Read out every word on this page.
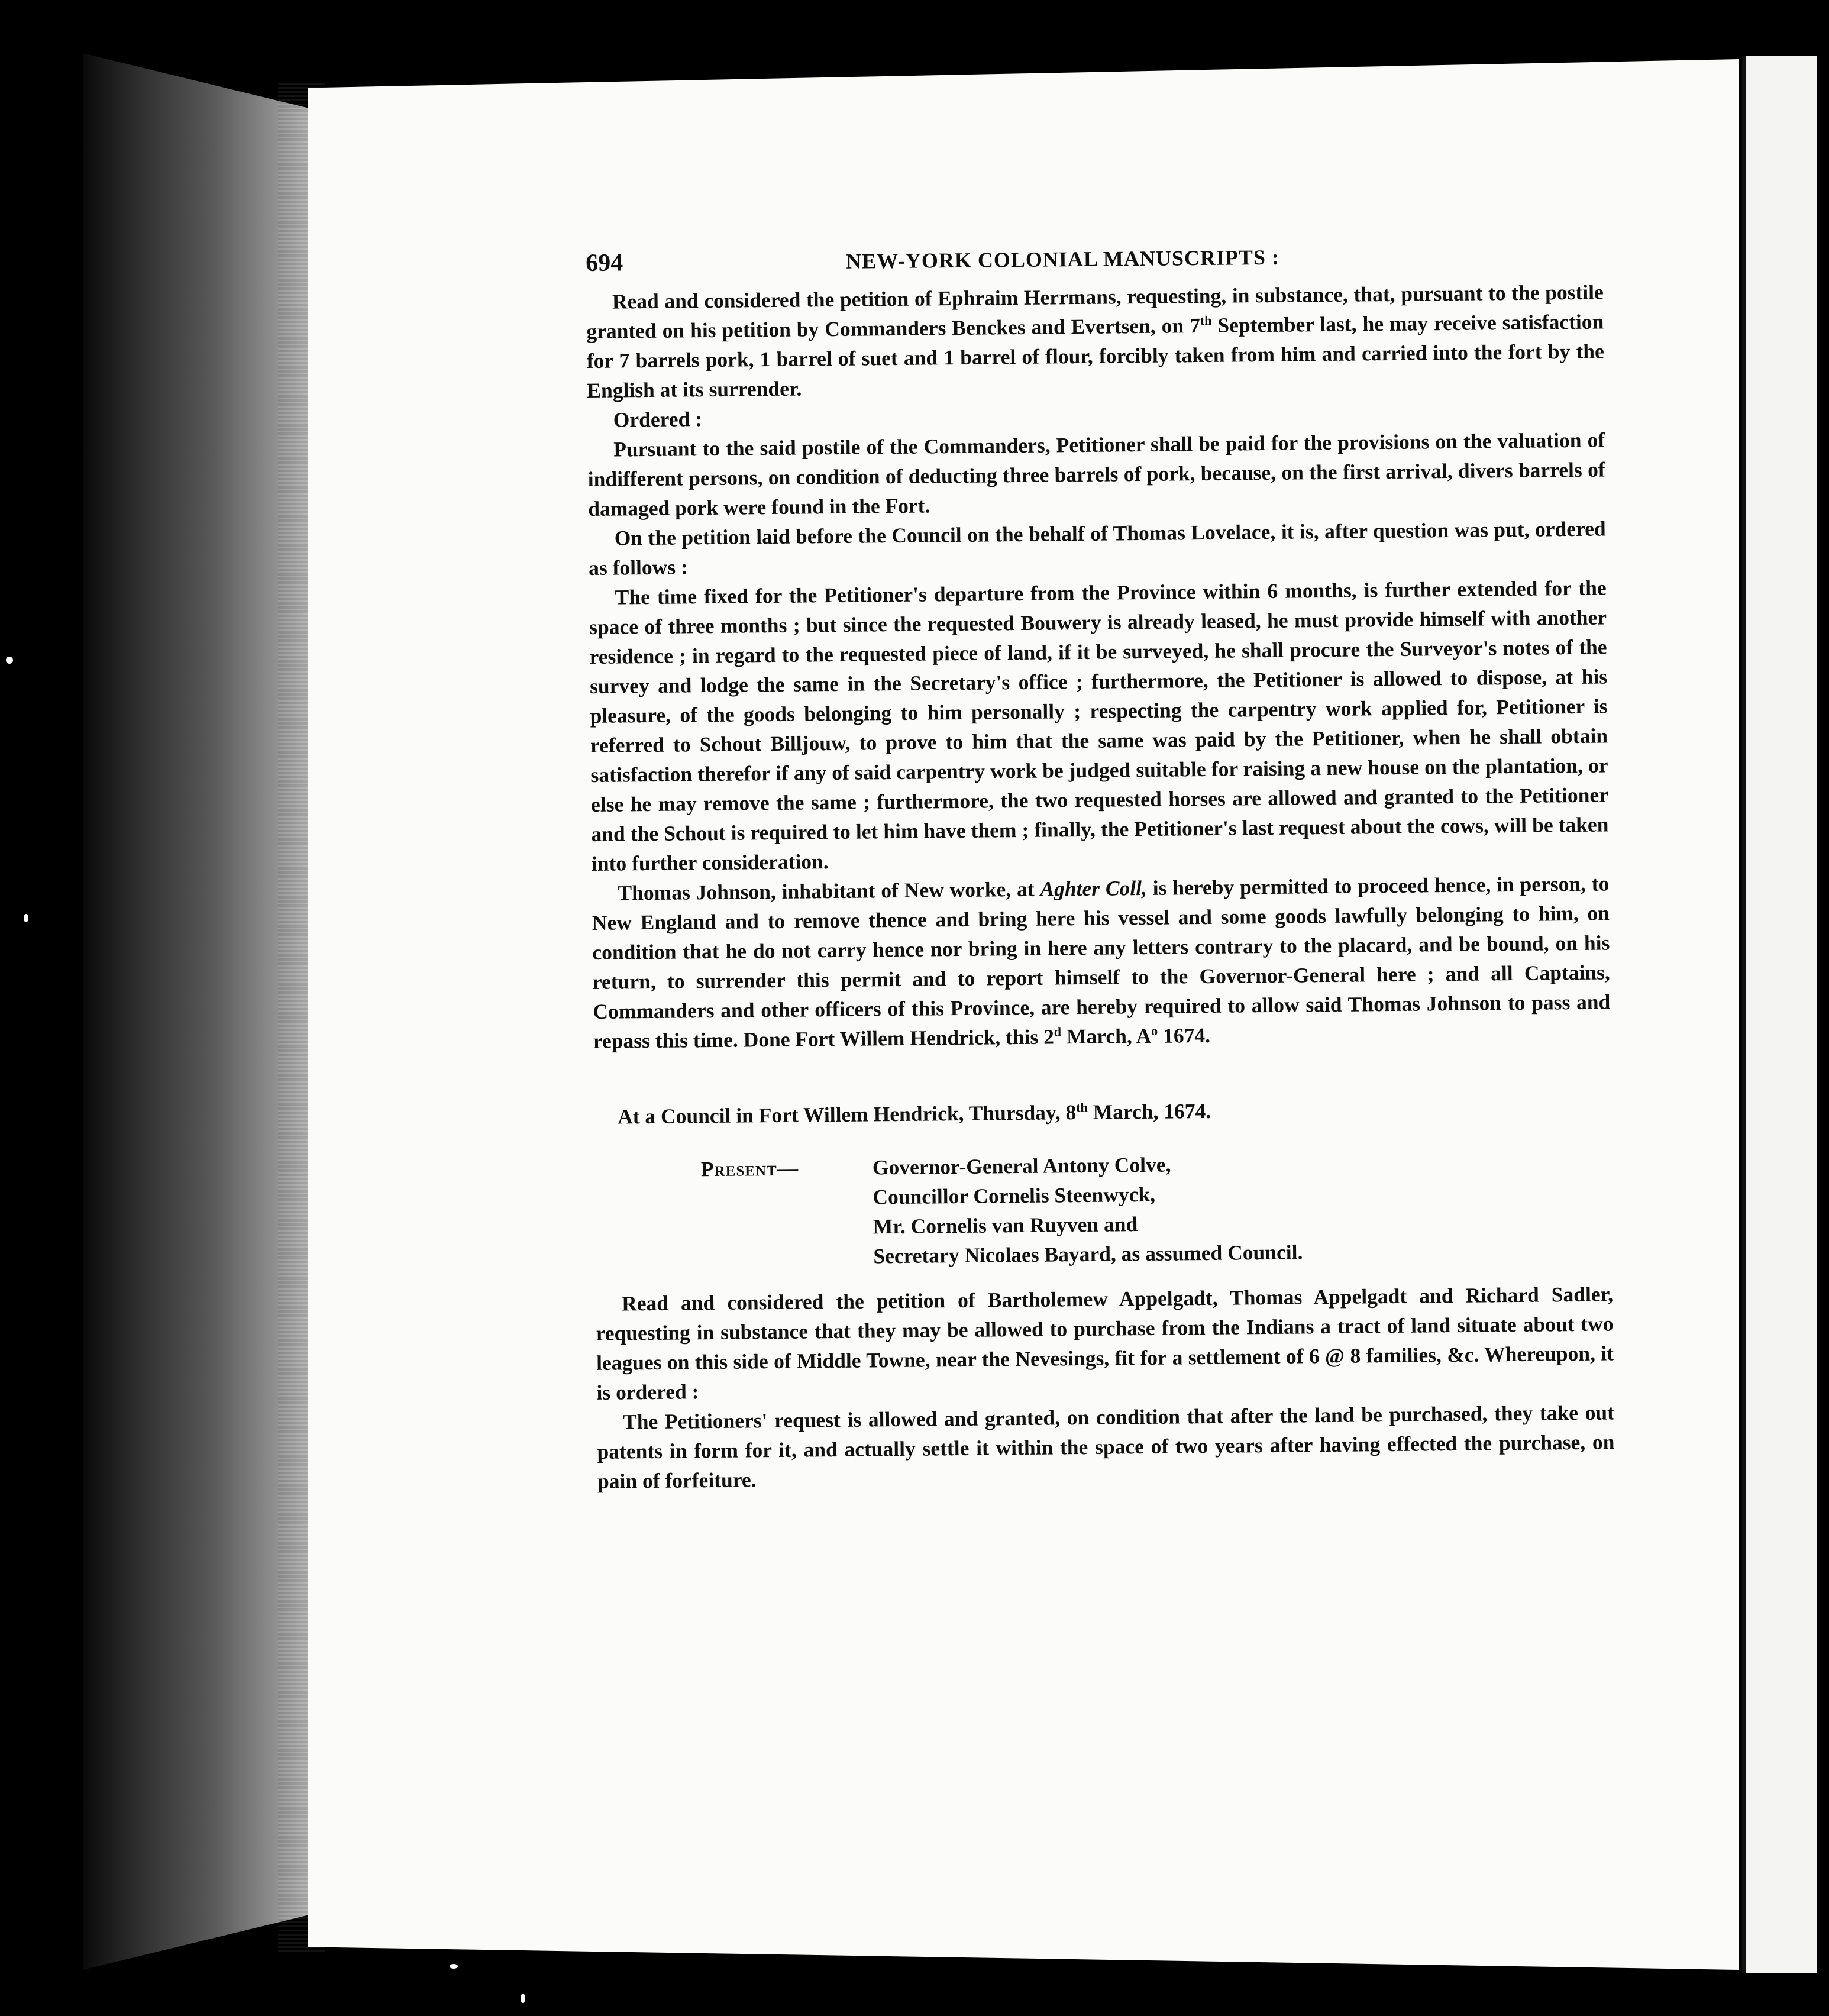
694	NEW-YORK COLONIAL MANUSCRIPTS :

Read and considered the petition of Ephraim Herrmans, requesting, in substance, that, pursuant to the postile granted on his petition by Commanders Benckes and Evertsen, on 7th September last, he may receive satisfaction for 7 barrels pork, 1 barrel of suet and 1 barrel of flour, forcibly taken from him and carried into the fort by the English at its surrender.

Ordered :

Pursuant to the said postile of the Commanders, Petitioner shall be paid for the provisions on the valuation of indifferent persons, on condition of deducting three barrels of pork, because, on the first arrival, divers barrels of damaged pork were found in the Fort.

On the petition laid before the Council on the behalf of Thomas Lovelace, it is, after question was put, ordered as follows :

The time fixed for the Petitioner's departure from the Province within 6 months, is further extended for the space of three months ; but since the requested Bouwery is already leased, he must provide himself with another residence ; in regard to the requested piece of land, if it be surveyed, he shall procure the Surveyor's notes of the survey and lodge the same in the Secretary's office ; furthermore, the Petitioner is allowed to dispose, at his pleasure, of the goods belonging to him personally ; respecting the carpentry work applied for, Petitioner is referred to Schout Billjouw, to prove to him that the same was paid by the Petitioner, when he shall obtain satisfaction therefor if any of said carpentry work be judged suitable for raising a new house on the plantation, or else he may remove the same ; furthermore, the two requested horses are allowed and granted to the Petitioner and the Schout is required to let him have them ; finally, the Petitioner's last request about the cows, will be taken into further consideration.

Thomas Johnson, inhabitant of New worke, at Aghter Coll, is hereby permitted to proceed hence, in person, to New England and to remove thence and bring here his vessel and some goods lawfully belonging to him, on condition that he do not carry hence nor bring in here any letters contrary to the placard, and be bound, on his return, to surrender this permit and to report himself to the Governor-General here ; and all Captains, Commanders and other officers of this Province, are hereby required to allow said Thomas Johnson to pass and repass this time. Done Fort Willem Hendrick, this 2$^d$ March, $A^o$ 1674.

At a Council in Fort Willem Hendrick, Thursday, 8th March, 1674.

Present—	Governor-General Antony Colve,
Councillor Cornelis Steenwyck,
Mr. Cornelis van Ruyven and
Secretary Nicolaes Bayard, as assumed Council.

Read and considered the petition of Bartholemew Appelgadt, Thomas Appelgadt and Richard Sadler, requesting in substance that they may be allowed to purchase from the Indians a tract of land situate about two leagues on this side of Middle Towne, near the Nevesings, fit for a settlement of 6 @ 8 families, &c. Whereupon, it is ordered :

The Petitioners' request is allowed and granted, on condition that after the land be purchased, they take out patents in form for it, and actually settle it within the space of two years after having effected the purchase, on pain of forfeiture.
